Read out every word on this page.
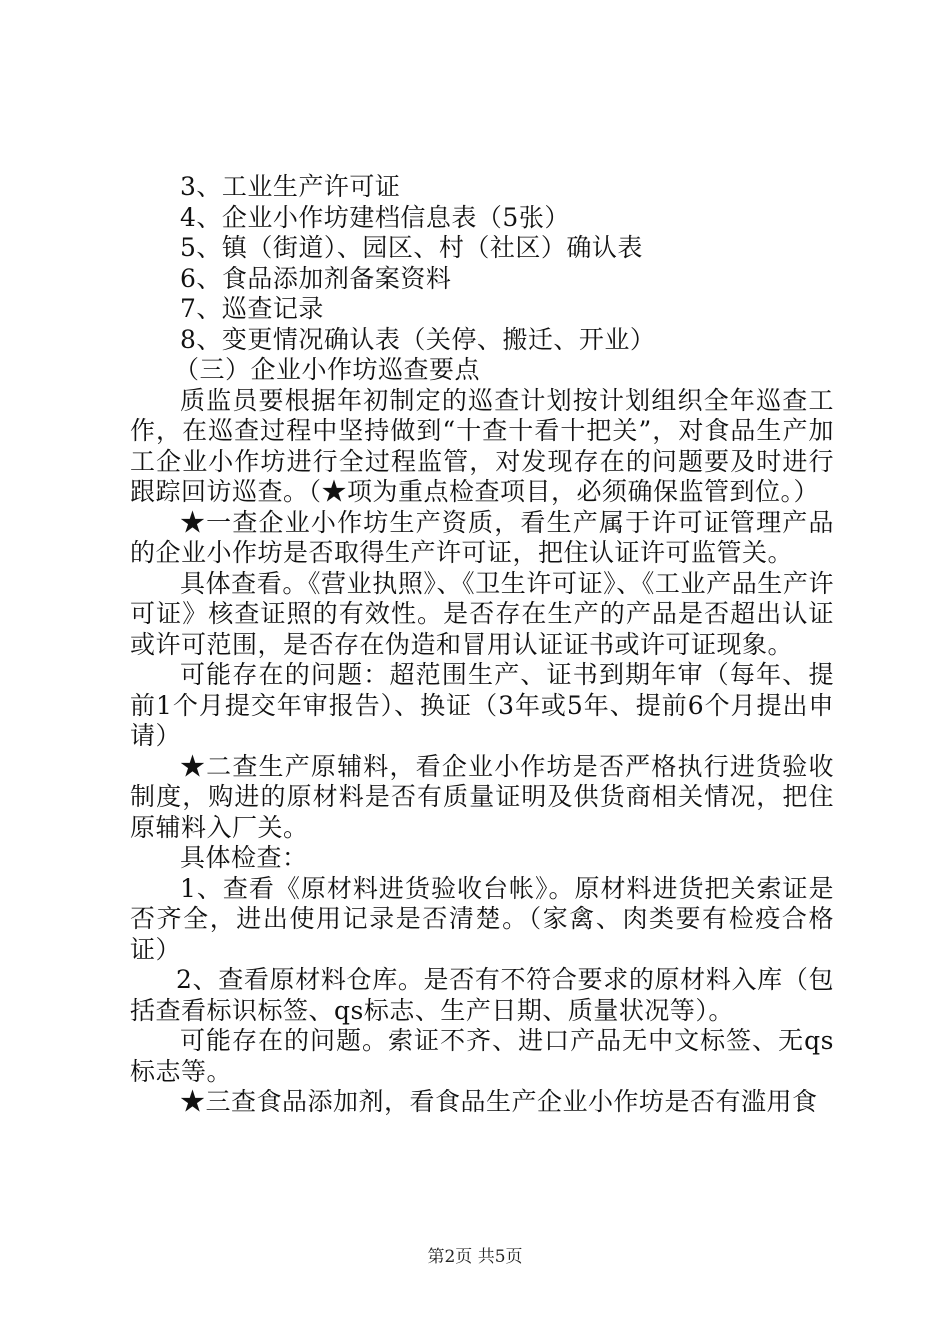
3、工业生产许可证

4、企业小作坊建档信息表（5张）

5、镇（街道）、园区、村（社区）确认表

6、食品添加剂备案资料

7、巡查记录

8、变更情况确认表（关停、搬迁、开业）

（三）企业小作坊巡查要点

质监员要根据年初制定的巡查计划按计划组织全年巡查工作，在巡查过程中坚持做到“十查十看十把关”，对食品生产加工企业小作坊进行全过程监管，对发现存在的问题要及时进行跟踪回访巡查。（★项为重点检查项目，必须确保监管到位。）

★一查企业小作坊生产资质，看生产属于许可证管理产品的企业小作坊是否取得生产许可证，把住认证许可监管关。

具体查看。《营业执照》、《卫生许可证》、《工业产品生产许可证》核查证照的有效性。是否存在生产的产品是否超出认证或许可范围，是否存在伪造和冒用认证证书或许可证现象。

可能存在的问题：超范围生产、证书到期年审（每年、提前1个月提交年审报告）、换证（3年或5年、提前6个月提出申请）

★二查生产原辅料，看企业小作坊是否严格执行进货验收制度，购进的原材料是否有质量证明及供货商相关情况，把住原辅料入厂关。

具体检查：

1、查看《原材料进货验收台帐》。原材料进货把关索证是否齐全，进出使用记录是否清楚。（家禽、肉类要有检疫合格证）

2、查看原材料仓库。是否有不符合要求的原材料入库（包括查看标识标签、qs标志、生产日期、质量状况等）。

可能存在的问题。索证不齐、进口产品无中文标签、无qs标志等。

★三查食品添加剂，看食品生产企业小作坊是否有滥用食

第2页 共5页
